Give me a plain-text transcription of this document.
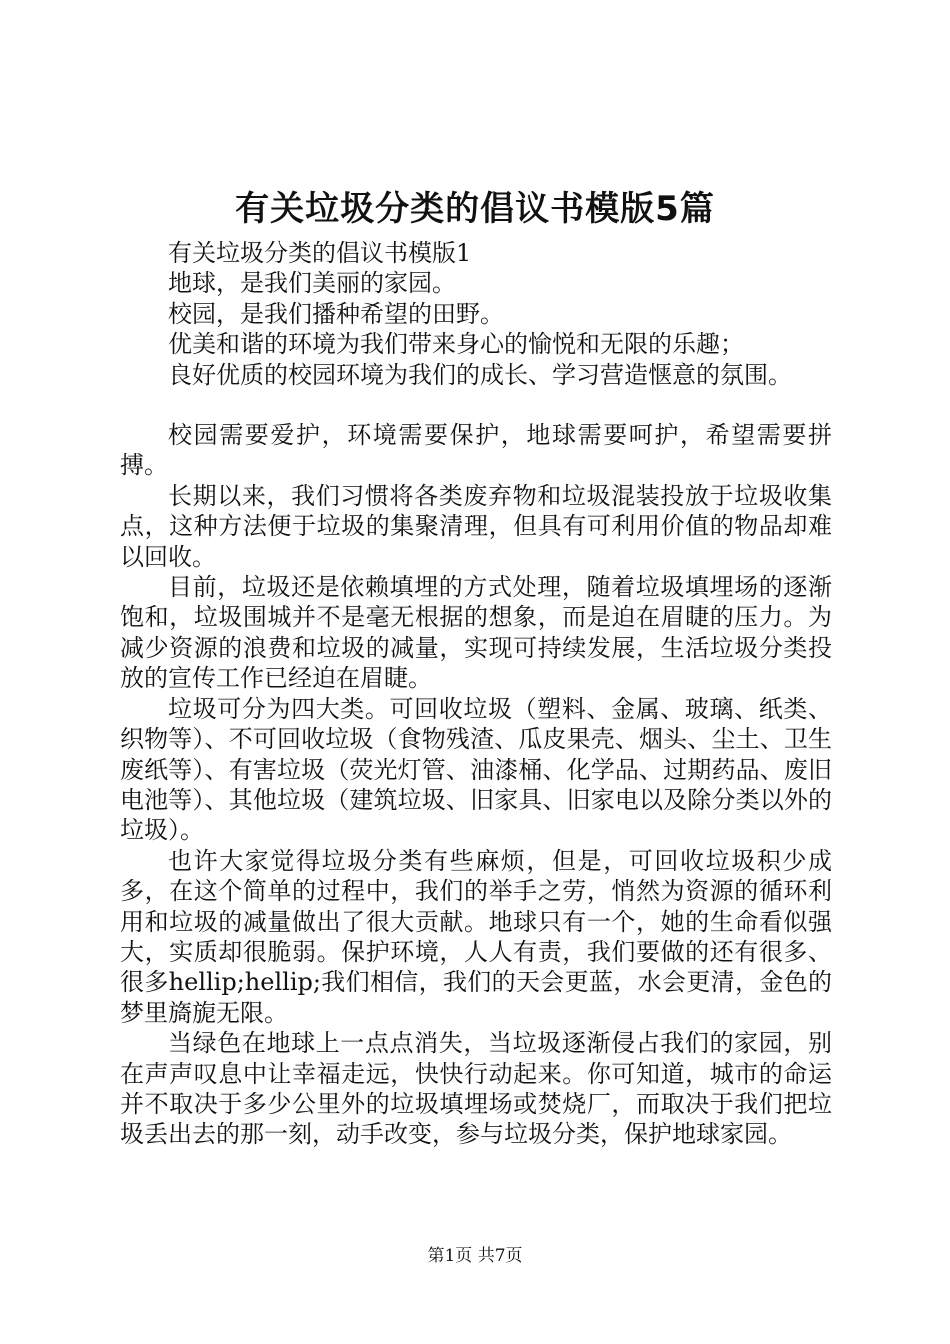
有关垃圾分类的倡议书模版5篇

有关垃圾分类的倡议书模版1

地球，是我们美丽的家园。

校园，是我们播种希望的田野。

优美和谐的环境为我们带来身心的愉悦和无限的乐趣；

良好优质的校园环境为我们的成长、学习营造惬意的氛围。

校园需要爱护，环境需要保护，地球需要呵护，希望需要拼搏。

长期以来，我们习惯将各类废弃物和垃圾混装投放于垃圾收集点，这种方法便于垃圾的集聚清理，但具有可利用价值的物品却难以回收。

目前，垃圾还是依赖填埋的方式处理，随着垃圾填埋场的逐渐饱和，垃圾围城并不是毫无根据的想象，而是迫在眉睫的压力。为减少资源的浪费和垃圾的减量，实现可持续发展，生活垃圾分类投放的宣传工作已经迫在眉睫。

垃圾可分为四大类。可回收垃圾（塑料、金属、玻璃、纸类、织物等）、不可回收垃圾（食物残渣、瓜皮果壳、烟头、尘土、卫生废纸等）、有害垃圾（荧光灯管、油漆桶、化学品、过期药品、废旧电池等）、其他垃圾（建筑垃圾、旧家具、旧家电以及除分类以外的垃圾）。

也许大家觉得垃圾分类有些麻烦，但是，可回收垃圾积少成多，在这个简单的过程中，我们的举手之劳，悄然为资源的循环利用和垃圾的减量做出了很大贡献。地球只有一个，她的生命看似强大，实质却很脆弱。保护环境，人人有责，我们要做的还有很多、很多hellip;hellip;我们相信，我们的天会更蓝，水会更清，金色的梦里旖旎无限。

当绿色在地球上一点点消失，当垃圾逐渐侵占我们的家园，别在声声叹息中让幸福走远，快快行动起来。你可知道，城市的命运并不取决于多少公里外的垃圾填埋场或焚烧厂，而取决于我们把垃圾丢出去的那一刻，动手改变，参与垃圾分类，保护地球家园。

第1页 共7页
